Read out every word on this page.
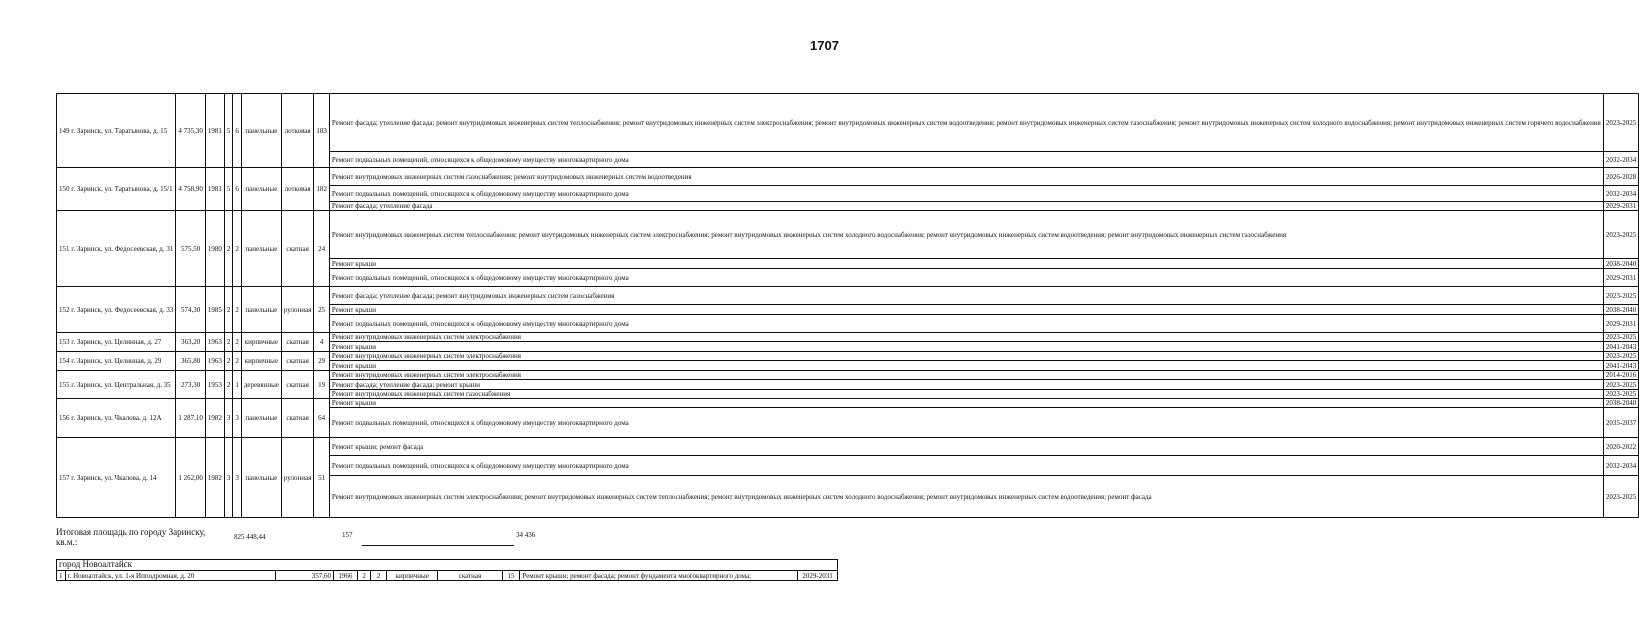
1707
149 г. Заринск, ул. Таратынова, д. 15	4 735,30	1981	5	6	панельные	лотковая	183	Ремонт фасада; утепление фасада; ремонт внутридомовых инженерных систем теплоснабжения; ремонт внутридомовых инженерных систем электроснабжения; ремонт внутридомовых инженерных систем водоотведения; ремонт внутридомовых инженерных систем газоснабжения; ремонт внутридомовых инженерных систем холодного водоснабжения; ремонт внутридомовых инженерных систем горячего водоснабжения	2023-2025
								Ремонт подвальных помещений, относящихся к общедомовому имуществу многоквартирного дома	2032-2034
150 г. Заринск, ул. Таратынова, д. 15/1	4 758,90	1981	5	6	панельные	лотковая	182	Ремонт внутридомовых инженерных систем газоснабжения; ремонт внутридомовых инженерных систем водоотведения	2026-2028
								Ремонт подвальных помещений, относящихся к общедомовому имуществу многоквартирного дома	2032-2034
								Ремонт фасада; утепление фасада	2029-2031
151 г. Заринск, ул. Федосеевская, д. 31	575,50	1980	2	2	панельные	скатная	24	Ремонт внутридомовых инженерных систем теплоснабжения; ремонт внутридомовых инженерных систем электроснабжения; ремонт внутридомовых инженерных систем холодного водоснабжения; ремонт внутридомовых инженерных систем водоотведения; ремонт внутридомовых инженерных систем газоснабжения	2023-2025
								Ремонт крыши	2038-2040
								Ремонт подвальных помещений, относящихся к общедомовому имуществу многоквартирного дома	2029-2031
152 г. Заринск, ул. Федосеевская, д. 33	574,30	1985	2	2	панельные	рулонная	25	Ремонт фасада; утепление фасада; ремонт внутридомовых инженерных систем газоснабжения	2023-2025
								Ремонт крыши	2038-2040
								Ремонт подвальных помещений, относящихся к общедомовому имуществу многоквартирного дома	2029-2031
153 г. Заринск, ул. Целинная, д. 27	363,20	1963	2	2	кирпичные	скатная	4	Ремонт внутридомовых инженерных систем электроснабжения	2023-2025
								Ремонт крыши	2041-2043
154 г. Заринск, ул. Целинная, д. 29	365,80	1963	2	2	кирпичные	скатная	29	Ремонт внутридомовых инженерных систем электроснабжения	2023-2025
								Ремонт крыши	2041-2043
155 г. Заринск, ул. Центральная, д. 35	273,30	1953	2	1	деревянные	скатная	19	Ремонт внутридомовых инженерных систем электроснабжения	2014-2016
								Ремонт фасада; утепление фасада; ремонт крыши	2023-2025
								Ремонт внутридомовых инженерных систем газоснабжения	2023-2025
156 г. Заринск, ул. Чкалова, д. 12А	1 287,10	1982	3	3	панельные	скатная	64	Ремонт крыши	2038-2040
								Ремонт подвальных помещений, относящихся к общедомовому имуществу многоквартирного дома	2035-2037
157 г. Заринск, ул. Чкалова, д. 14	1 262,00	1982	3	3	панельные	рулонная	51	Ремонт крыши; ремонт фасада	2020-2022
								Ремонт подвальных помещений, относящихся к общедомовому имуществу многоквартирного дома	2032-2034
								Ремонт внутридомовых инженерных систем электроснабжения; ремонт внутридомовых инженерных систем теплоснабжения; ремонт внутридомовых инженерных систем холодного водоснабжения; ремонт внутридомовых инженерных систем водоотведения; ремонт фасада	2023-2025
Итоговая площадь по городу Заринску, кв.м.:	825 448,44	157	34 436
город Новоалтайск
1	г. Новоалтайск, ул. 1-я Ипподромная, д. 20	357,60	1966	2	2	кирпичные	скатная	15	Ремонт крыши; ремонт фасада; ремонт фундамента многоквартирного дома;	2029-2031
